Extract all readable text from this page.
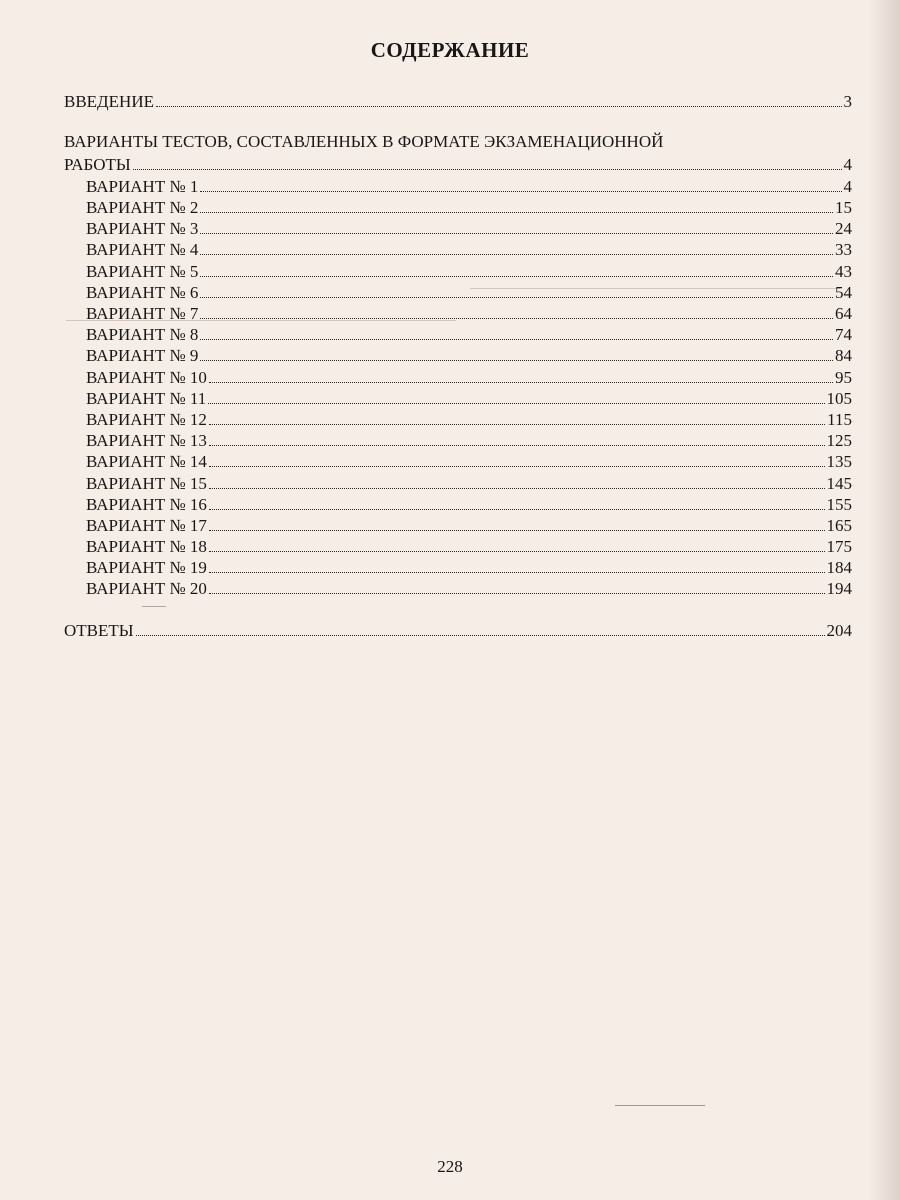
СОДЕРЖАНИЕ
ВВЕДЕНИЕ	3
ВАРИАНТЫ ТЕСТОВ, СОСТАВЛЕННЫХ В ФОРМАТЕ ЭКЗАМЕНАЦИОННОЙ
РАБОТЫ	4
ВАРИАНТ № 1	4
ВАРИАНТ № 2	15
ВАРИАНТ № 3	24
ВАРИАНТ № 4	33
ВАРИАНТ № 5	43
ВАРИАНТ № 6	54
ВАРИАНТ № 7	64
ВАРИАНТ № 8	74
ВАРИАНТ № 9	84
ВАРИАНТ № 10	95
ВАРИАНТ № 11	105
ВАРИАНТ № 12	115
ВАРИАНТ № 13	125
ВАРИАНТ № 14	135
ВАРИАНТ № 15	145
ВАРИАНТ № 16	155
ВАРИАНТ № 17	165
ВАРИАНТ № 18	175
ВАРИАНТ № 19	184
ВАРИАНТ № 20	194
ОТВЕТЫ	204
228
